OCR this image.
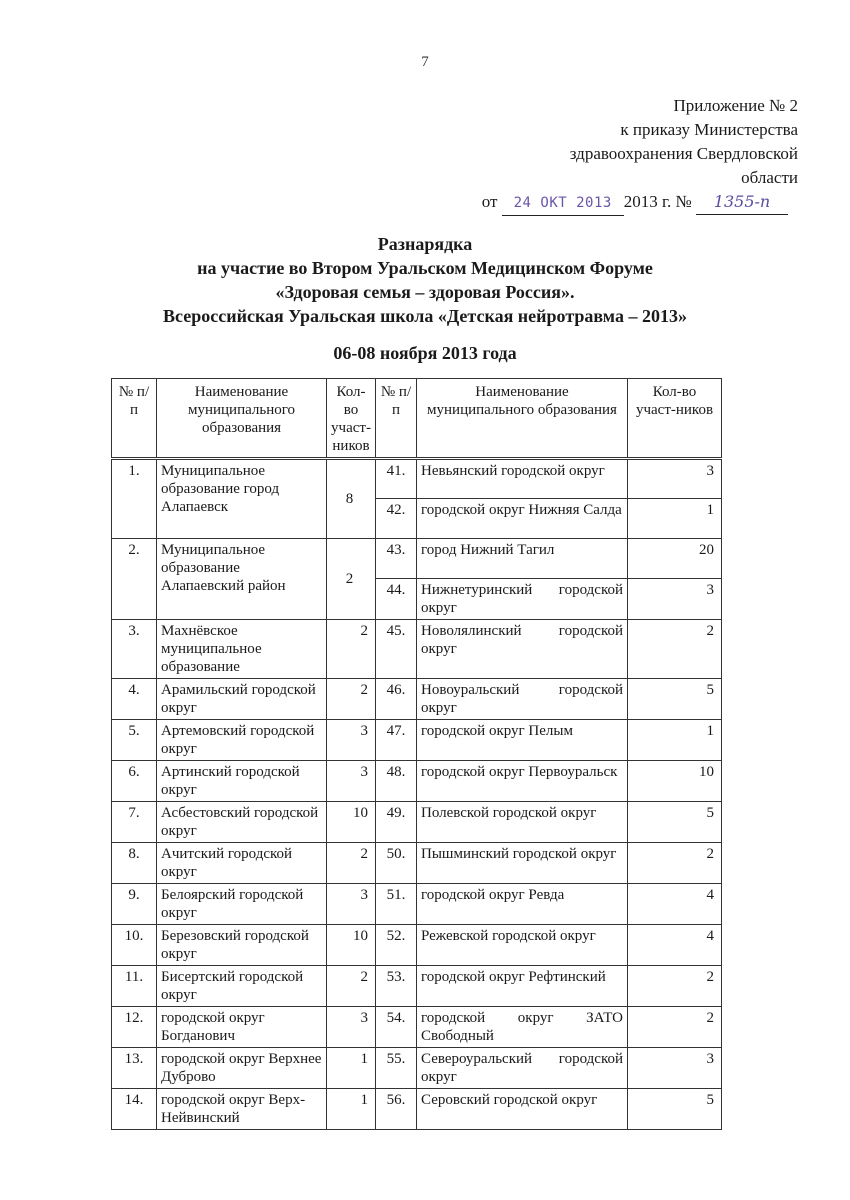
7
Приложение № 2
к приказу Министерства
здравоохранения Свердловской
области
от 24 ОКТ 2013 2013 г. № 1355-п
Разнарядка
на участие во Втором Уральском Медицинском Форуме
«Здоровая семья – здоровая Россия».
Всероссийская Уральская школа «Детская нейротравма – 2013»
06-08 ноября 2013 года
№ п/п	Наименование муниципального образования	Кол-во участ-ников	№ п/п	Наименование муниципального образования	Кол-во участ-ников
1.	Муниципальное образование город Алапаевск	8	41.	Невьянский городской округ	3
			42.	городской округ Нижняя Салда	1
2.	Муниципальное образование Алапаевский район	2	43.	город Нижний Тагил	20
			44.	Нижнетуринский городской округ	3
3.	Махнёвское муниципальное образование	2	45.	Новолялинский городской округ	2
4.	Арамильский городской округ	2	46.	Новоуральский городской округ	5
5.	Артемовский городской округ	3	47.	городской округ Пелым	1
6.	Артинский городской округ	3	48.	городской округ Первоуральск	10
7.	Асбестовский городской округ	10	49.	Полевской городской округ	5
8.	Ачитский городской округ	2	50.	Пышминский городской округ	2
9.	Белоярский городской округ	3	51.	городской округ Ревда	4
10.	Березовский городской округ	10	52.	Режевской городской округ	4
11.	Бисертский городской округ	2	53.	городской округ Рефтинский	2
12.	городской округ Богданович	3	54.	городской округ ЗАТО Свободный	2
13.	городской округ Верхнее Дуброво	1	55.	Североуральский городской округ	3
14.	городской округ Верх-Нейвинский	1	56.	Серовский городской округ	5
